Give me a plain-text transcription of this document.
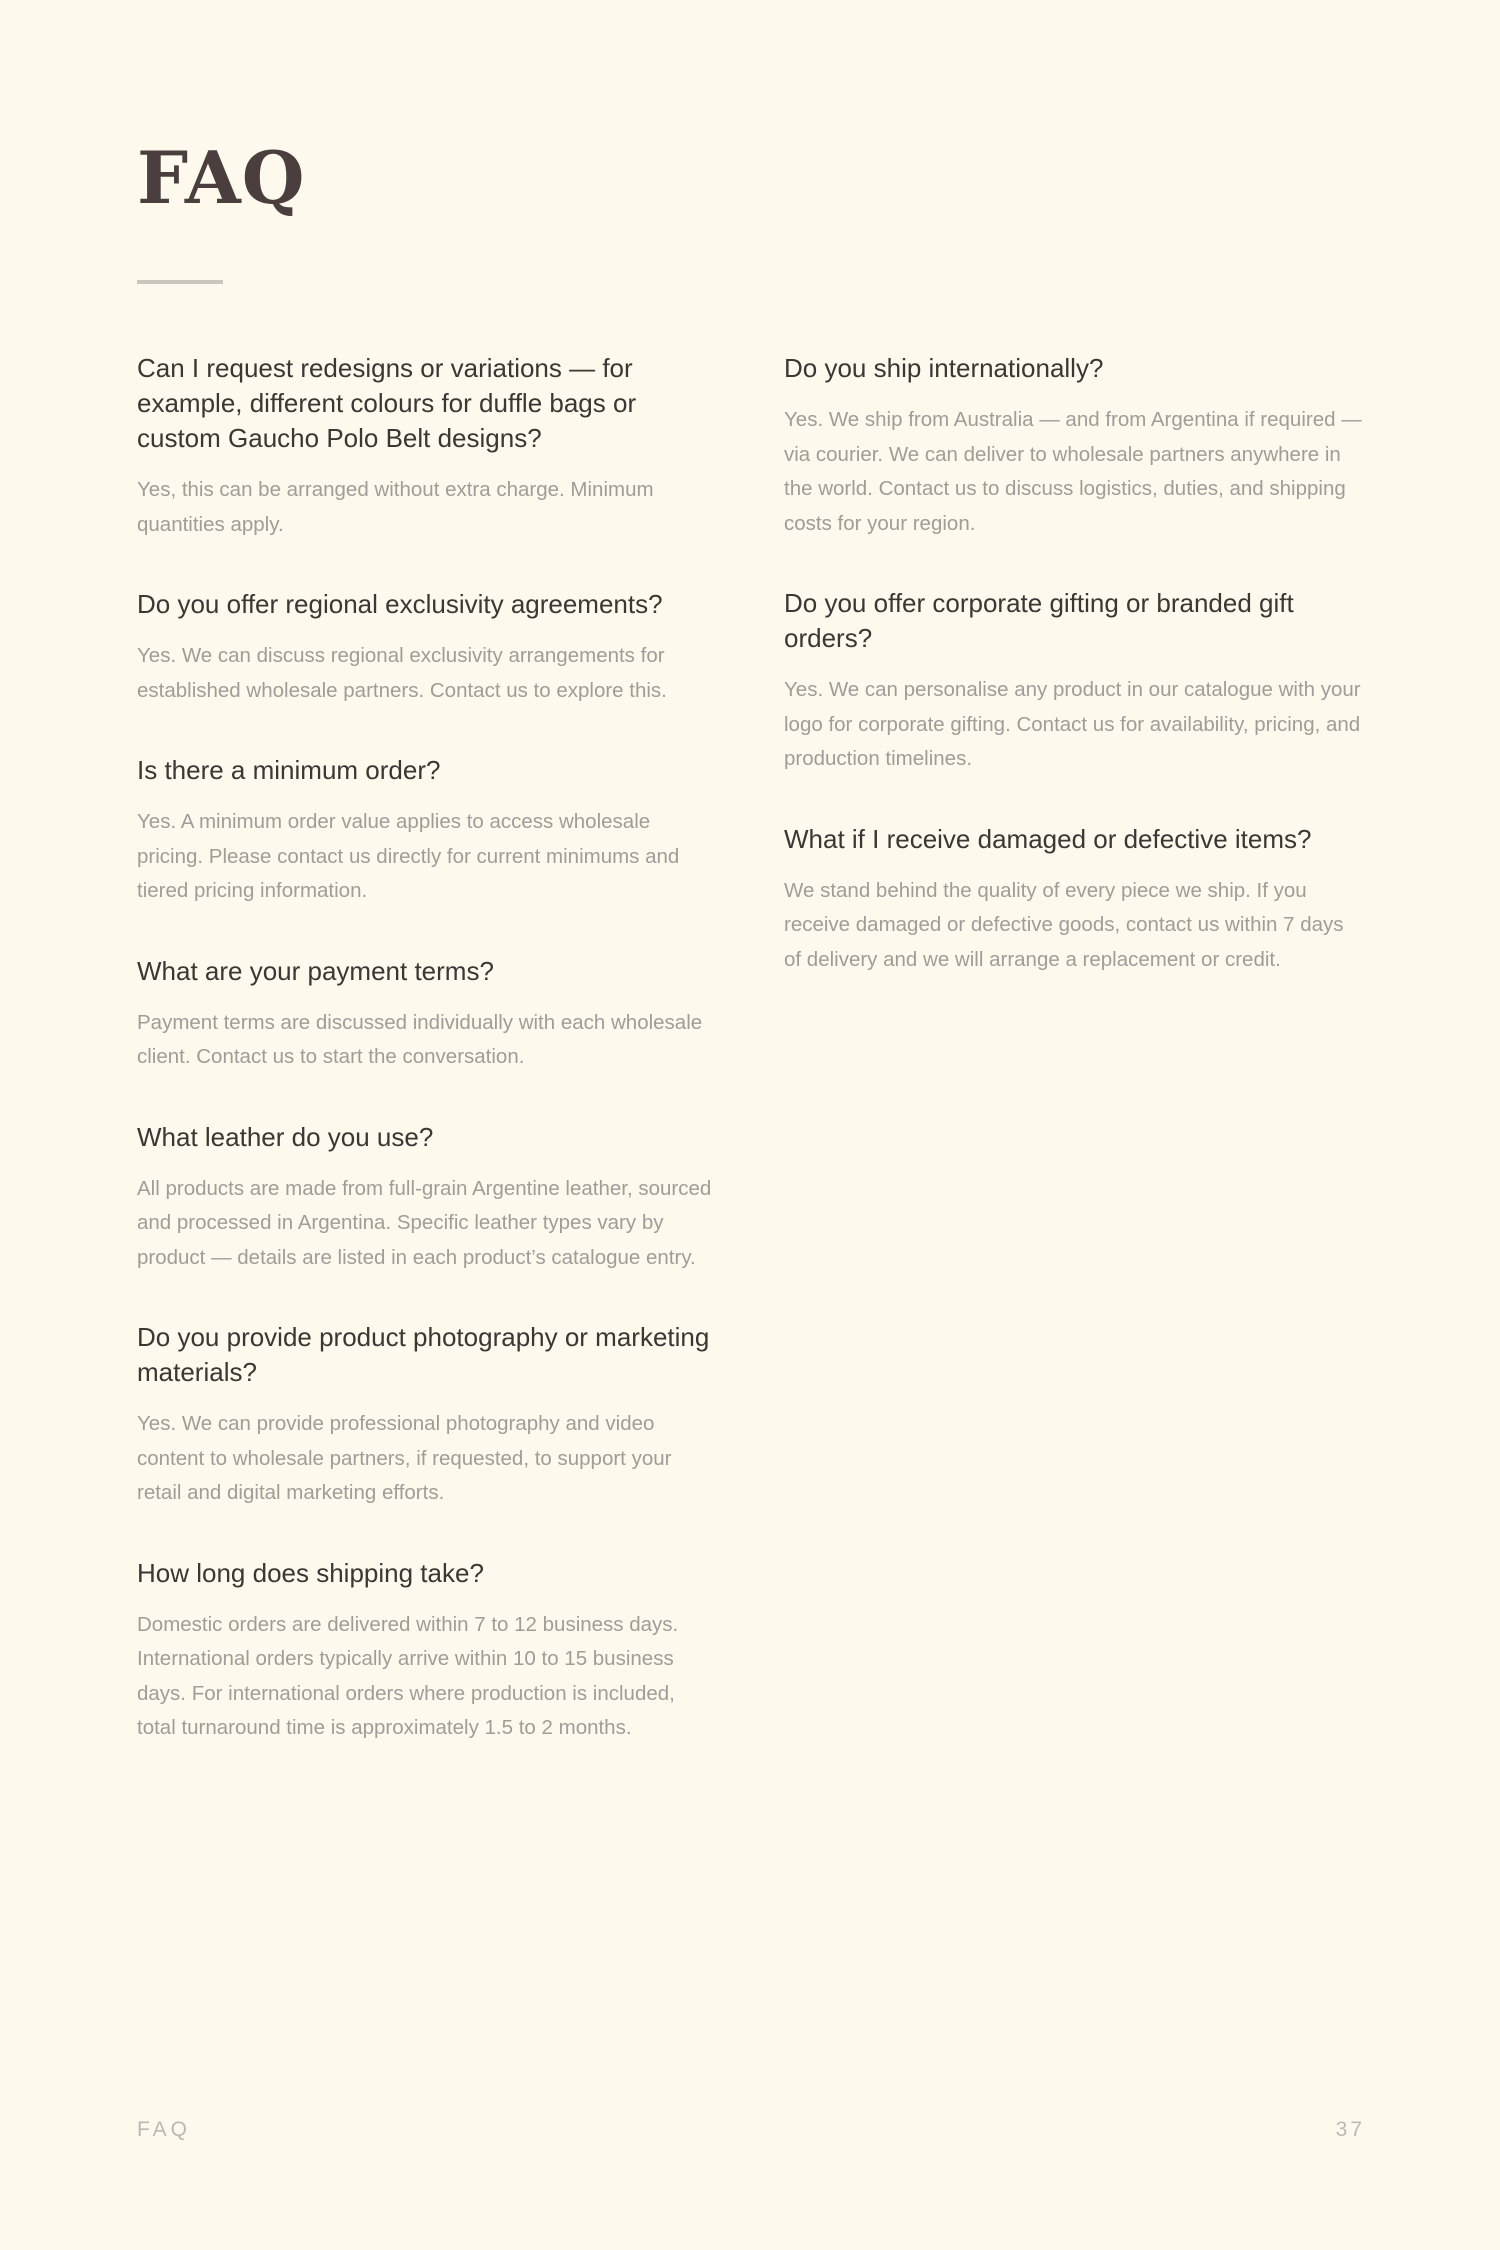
FAQ
Can I request redesigns or variations — for example, different colours for duffle bags or custom Gaucho Polo Belt designs?

Yes, this can be arranged without extra charge. Minimum quantities apply.

Do you offer regional exclusivity agreements?

Yes. We can discuss regional exclusivity arrangements for established wholesale partners. Contact us to explore this.

Is there a minimum order?

Yes. A minimum order value applies to access wholesale pricing. Please contact us directly for current minimums and tiered pricing information.

What are your payment terms?

Payment terms are discussed individually with each wholesale client. Contact us to start the conversation.

What leather do you use?

All products are made from full-grain Argentine leather, sourced and processed in Argentina. Specific leather types vary by product — details are listed in each product’s catalogue entry.

Do you provide product photography or marketing materials?

Yes. We can provide professional photography and video content to wholesale partners, if requested, to support your retail and digital marketing efforts.

How long does shipping take?

Domestic orders are delivered within 7 to 12 business days. International orders typically arrive within 10 to 15 business days. For international orders where production is included, total turnaround time is approximately 1.5 to 2 months.

Do you ship internationally?

Yes. We ship from Australia — and from Argentina if required — via courier. We can deliver to wholesale partners anywhere in the world. Contact us to discuss logistics, duties, and shipping costs for your region.

Do you offer corporate gifting or branded gift orders?

Yes. We can personalise any product in our catalogue with your logo for corporate gifting. Contact us for availability, pricing, and production timelines.

What if I receive damaged or defective items?

We stand behind the quality of every piece we ship. If you receive damaged or defective goods, contact us within 7 days of delivery and we will arrange a replacement or credit.

FAQ	37
